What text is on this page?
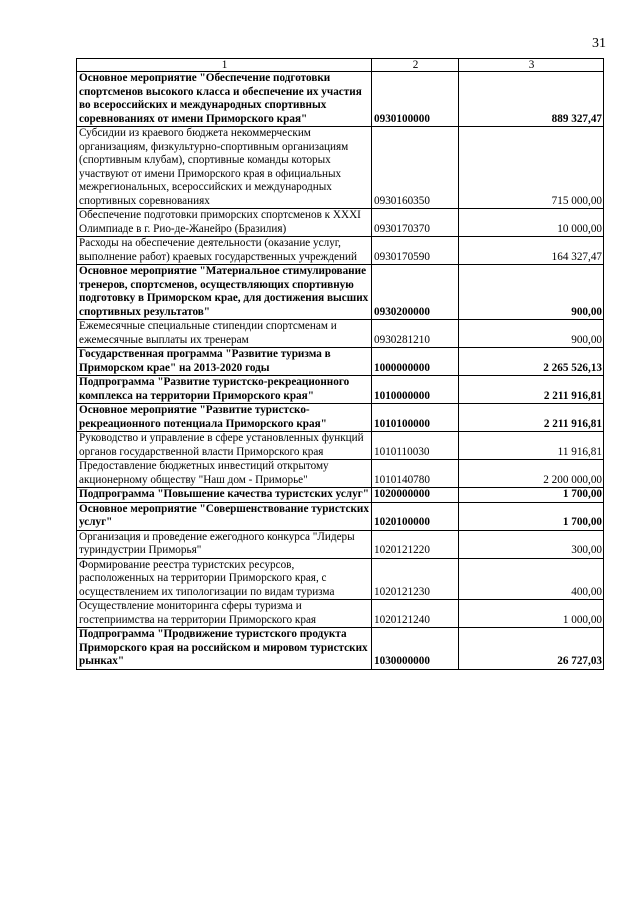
31
1	2	3
Основное мероприятие "Обеспечение подготовки спортсменов высокого класса и обеспечение их участия во всероссийских и международных спортивных соревнованиях от имени Приморского края"	0930100000	889 327,47
Субсидии из краевого бюджета некоммерческим организациям, физкультурно-спортивным организациям (спортивным клубам), спортивные команды которых участвуют от имени Приморского края в официальных межрегиональных, всероссийских и международных спортивных соревнованиях	0930160350	715 000,00
Обеспечение подготовки приморских спортсменов к XXXI Олимпиаде в г. Рио-де-Жанейро (Бразилия)	0930170370	10 000,00
Расходы на обеспечение деятельности (оказание услуг, выполнение работ) краевых государственных учреждений	0930170590	164 327,47
Основное мероприятие "Материальное стимулирование тренеров, спортсменов, осуществляющих спортивную подготовку в Приморском крае, для достижения высших спортивных результатов"	0930200000	900,00
Ежемесячные специальные стипендии спортсменам и ежемесячные выплаты их тренерам	0930281210	900,00
Государственная программа "Развитие туризма в Приморском крае" на 2013-2020 годы	1000000000	2 265 526,13
Подпрограмма "Развитие туристско-рекреационного комплекса на территории Приморского края"	1010000000	2 211 916,81
Основное мероприятие "Развитие туристско-рекреационного потенциала Приморского края"	1010100000	2 211 916,81
Руководство и управление в сфере установленных функций органов государственной власти Приморского края	1010110030	11 916,81
Предоставление бюджетных инвестиций открытому акционерному обществу "Наш дом - Приморье"	1010140780	2 200 000,00
Подпрограмма "Повышение качества туристских услуг"	1020000000	1 700,00
Основное мероприятие "Совершенствование туристских услуг"	1020100000	1 700,00
Организация и проведение ежегодного конкурса "Лидеры туриндустрии Приморья"	1020121220	300,00
Формирование реестра туристских ресурсов, расположенных на территории Приморского края, с осуществлением их типологизации по видам туризма	1020121230	400,00
Осуществление мониторинга сферы туризма и гостеприимства на территории Приморского края	1020121240	1 000,00
Подпрограмма "Продвижение туристского продукта Приморского края на российском и мировом туристских рынках"	1030000000	26 727,03
